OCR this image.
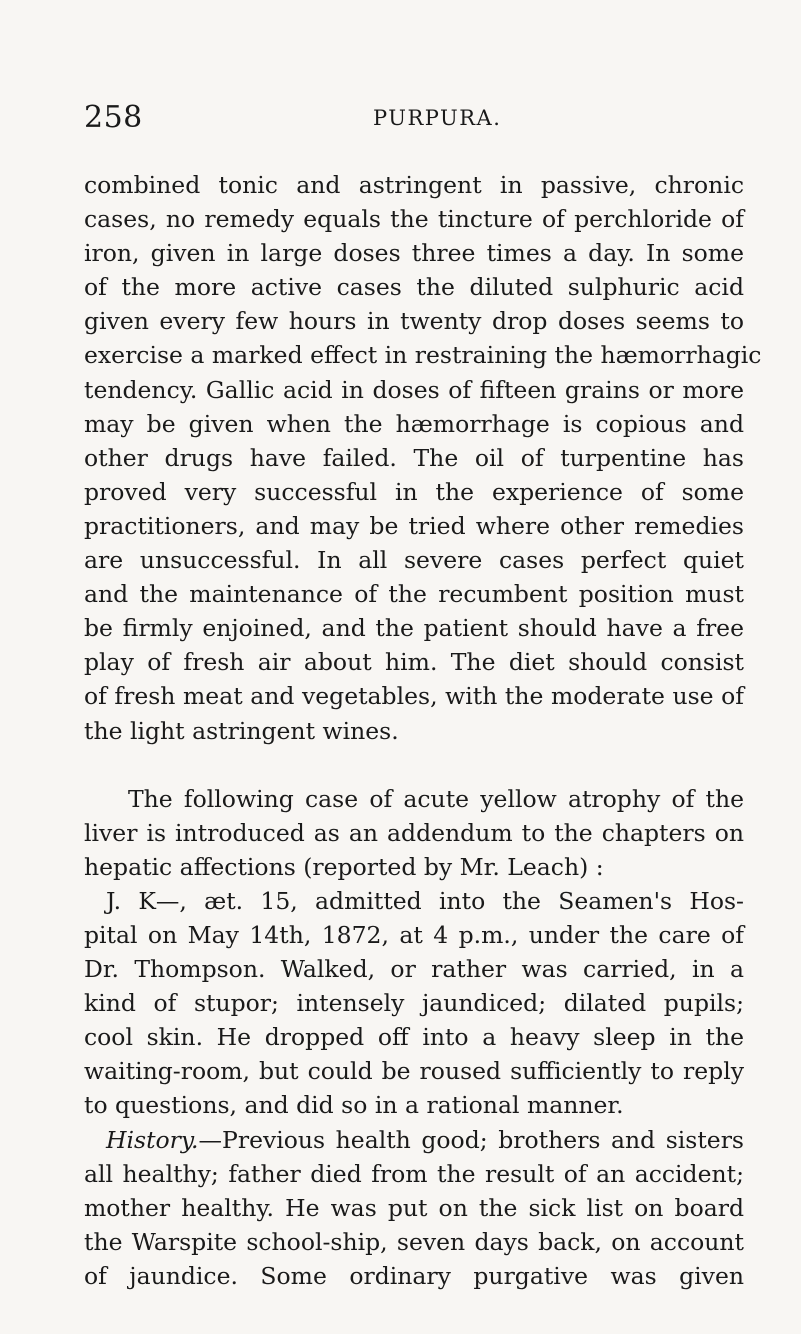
258	PURPURA.
combined tonic and astringent in passive, chronic
cases, no remedy equals the tincture of perchloride of
iron, given in large doses three times a day. In some
of the more active cases the diluted sulphuric acid
given every few hours in twenty drop doses seems to
exercise a marked effect in restraining the hæmorrhagic
tendency. Gallic acid in doses of fifteen grains or more
may be given when the hæmorrhage is copious and
other drugs have failed. The oil of turpentine has
proved very successful in the experience of some
practitioners, and may be tried where other remedies
are unsuccessful. In all severe cases perfect quiet
and the maintenance of the recumbent position must
be firmly enjoined, and the patient should have a free
play of fresh air about him. The diet should consist
of fresh meat and vegetables, with the moderate use of
the light astringent wines.
The following case of acute yellow atrophy of the
liver is introduced as an addendum to the chapters on
hepatic affections (reported by Mr. Leach) :
J. K—, æt. 15, admitted into the Seamen's Hos-
pital on May 14th, 1872, at 4 p.m., under the care of
Dr. Thompson. Walked, or rather was carried, in a
kind of stupor; intensely jaundiced; dilated pupils;
cool skin. He dropped off into a heavy sleep in the
waiting-room, but could be roused sufficiently to reply
to questions, and did so in a rational manner.
History.—Previous health good; brothers and sisters
all healthy; father died from the result of an accident;
mother healthy. He was put on the sick list on board
the Warspite school-ship, seven days back, on account
of jaundice. Some ordinary purgative was given
